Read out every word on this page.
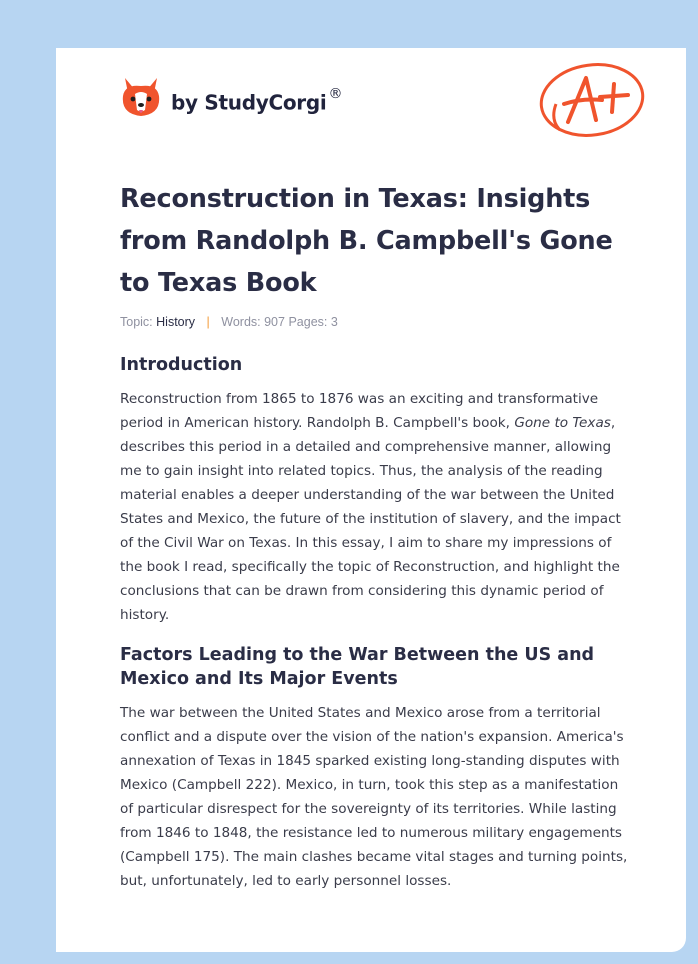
by StudyCorgi ®
A+
Reconstruction in Texas: Insights from Randolph B. Campbell's Gone to Texas Book
Topic: History | Words: 907 Pages: 3
Introduction

Reconstruction from 1865 to 1876 was an exciting and transformative period in American history. Randolph B. Campbell's book, Gone to Texas, describes this period in a detailed and comprehensive manner, allowing me to gain insight into related topics. Thus, the analysis of the reading material enables a deeper understanding of the war between the United States and Mexico, the future of the institution of slavery, and the impact of the Civil War on Texas. In this essay, I aim to share my impressions of the book I read, specifically the topic of Reconstruction, and highlight the conclusions that can be drawn from considering this dynamic period of history.

Factors Leading to the War Between the US and Mexico and Its Major Events

The war between the United States and Mexico arose from a territorial conflict and a dispute over the vision of the nation's expansion. America's annexation of Texas in 1845 sparked existing long-standing disputes with Mexico (Campbell 222). Mexico, in turn, took this step as a manifestation of particular disrespect for the sovereignty of its territories. While lasting from 1846 to 1848, the resistance led to numerous military engagements (Campbell 175). The main clashes became vital stages and turning points, but, unfortunately, led to early personnel losses.
